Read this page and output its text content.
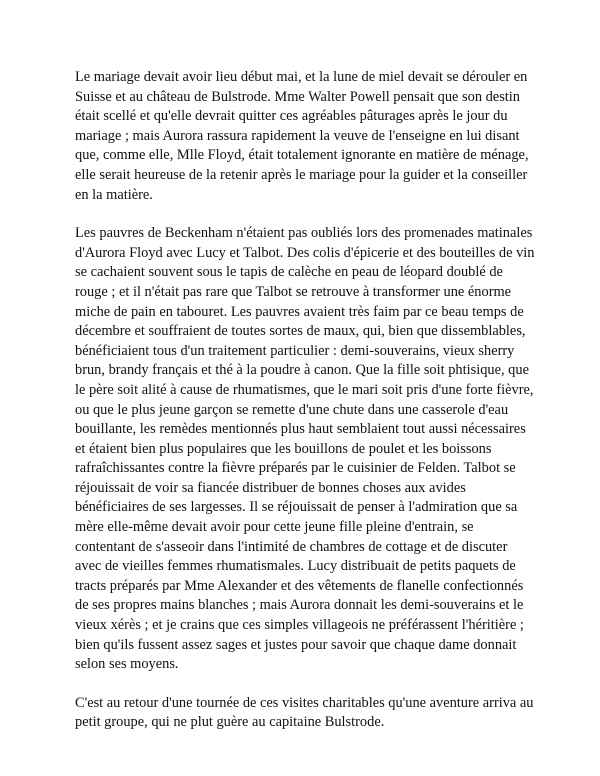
Le mariage devait avoir lieu début mai, et la lune de miel devait se dérouler en Suisse et au château de Bulstrode. Mme Walter Powell pensait que son destin était scellé et qu'elle devrait quitter ces agréables pâturages après le jour du mariage ; mais Aurora rassura rapidement la veuve de l'enseigne en lui disant que, comme elle, Mlle Floyd, était totalement ignorante en matière de ménage, elle serait heureuse de la retenir après le mariage pour la guider et la conseiller en la matière.

Les pauvres de Beckenham n'étaient pas oubliés lors des promenades matinales d'Aurora Floyd avec Lucy et Talbot. Des colis d'épicerie et des bouteilles de vin se cachaient souvent sous le tapis de calèche en peau de léopard doublé de rouge ; et il n'était pas rare que Talbot se retrouve à transformer une énorme miche de pain en tabouret. Les pauvres avaient très faim par ce beau temps de décembre et souffraient de toutes sortes de maux, qui, bien que dissemblables, bénéficiaient tous d'un traitement particulier : demi-souverains, vieux sherry brun, brandy français et thé à la poudre à canon. Que la fille soit phtisique, que le père soit alité à cause de rhumatismes, que le mari soit pris d'une forte fièvre, ou que le plus jeune garçon se remette d'une chute dans une casserole d'eau bouillante, les remèdes mentionnés plus haut semblaient tout aussi nécessaires et étaient bien plus populaires que les bouillons de poulet et les boissons rafraîchissantes contre la fièvre préparés par le cuisinier de Felden. Talbot se réjouissait de voir sa fiancée distribuer de bonnes choses aux avides bénéficiaires de ses largesses. Il se réjouissait de penser à l'admiration que sa mère elle-même devait avoir pour cette jeune fille pleine d'entrain, se contentant de s'asseoir dans l'intimité de chambres de cottage et de discuter avec de vieilles femmes rhumatismales. Lucy distribuait de petits paquets de tracts préparés par Mme Alexander et des vêtements de flanelle confectionnés de ses propres mains blanches ; mais Aurora donnait les demi-souverains et le vieux xérès ; et je crains que ces simples villageois ne préférassent l'héritière ; bien qu'ils fussent assez sages et justes pour savoir que chaque dame donnait selon ses moyens.

C'est au retour d'une tournée de ces visites charitables qu'une aventure arriva au petit groupe, qui ne plut guère au capitaine Bulstrode.
